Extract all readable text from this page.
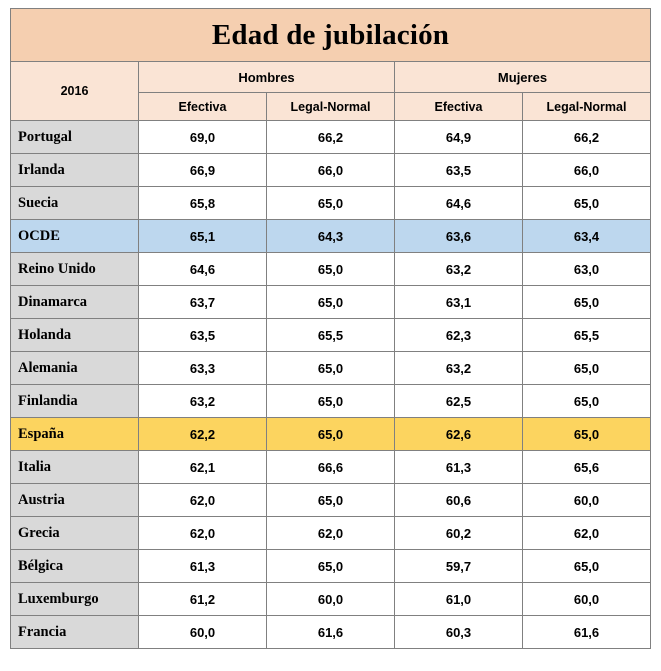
Edad de jubilación				
2016	Hombres		Mujeres	
	Efectiva	Legal-Normal	Efectiva	Legal-Normal
Portugal	69,0	66,2	64,9	66,2
Irlanda	66,9	66,0	63,5	66,0
Suecia	65,8	65,0	64,6	65,0
OCDE	65,1	64,3	63,6	63,4
Reino Unido	64,6	65,0	63,2	63,0
Dinamarca	63,7	65,0	63,1	65,0
Holanda	63,5	65,5	62,3	65,5
Alemania	63,3	65,0	63,2	65,0
Finlandia	63,2	65,0	62,5	65,0
España	62,2	65,0	62,6	65,0
Italia	62,1	66,6	61,3	65,6
Austria	62,0	65,0	60,6	60,0
Grecia	62,0	62,0	60,2	62,0
Bélgica	61,3	65,0	59,7	65,0
Luxemburgo	61,2	60,0	61,0	60,0
Francia	60,0	61,6	60,3	61,6
